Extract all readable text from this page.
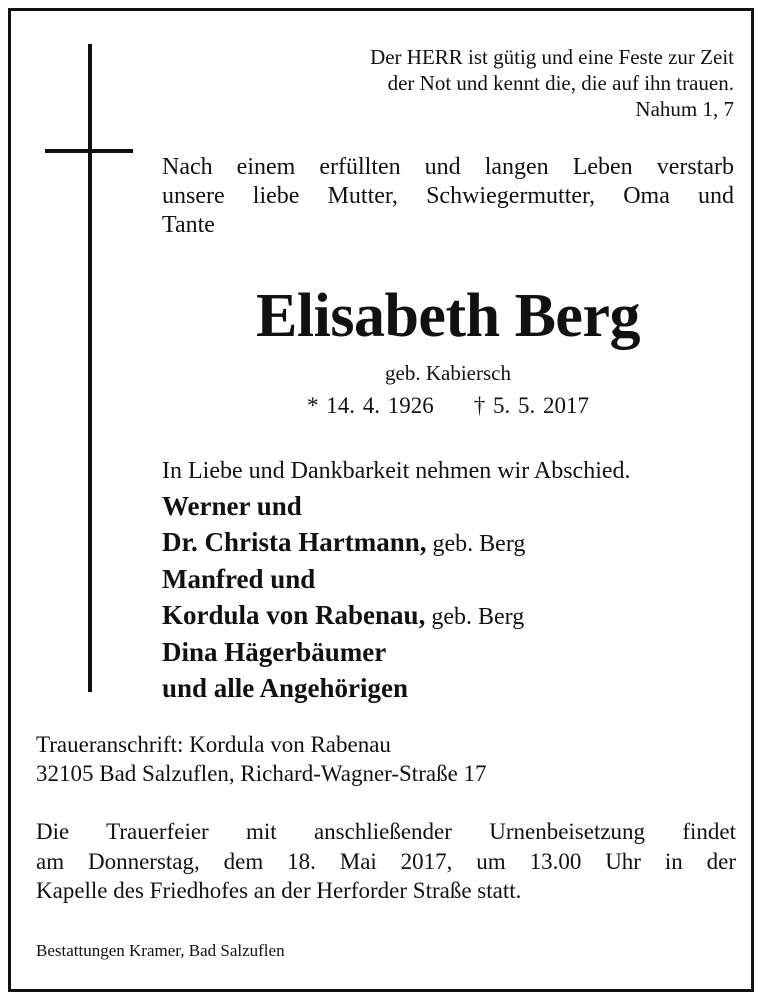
Der HERR ist gütig und eine Feste zur Zeit
der Not und kennt die, die auf ihn trauen.
Nahum 1, 7
Nach einem erfüllten und langen Leben verstarb
unsere liebe Mutter, Schwiegermutter, Oma und
Tante
Elisabeth Berg
geb. Kabiersch
* 14. 4. 1926 † 5. 5. 2017
In Liebe und Dankbarkeit nehmen wir Abschied.
Werner und
Dr. Christa Hartmann, geb. Berg
Manfred und
Kordula von Rabenau, geb. Berg
Dina Hägerbäumer
und alle Angehörigen
Traueranschrift: Kordula von Rabenau
32105 Bad Salzuflen, Richard-Wagner-Straße 17
Die Trauerfeier mit anschließender Urnenbeisetzung findet
am Donnerstag, dem 18. Mai 2017, um 13.00 Uhr in der
Kapelle des Friedhofes an der Herforder Straße statt.
Bestattungen Kramer, Bad Salzuflen
